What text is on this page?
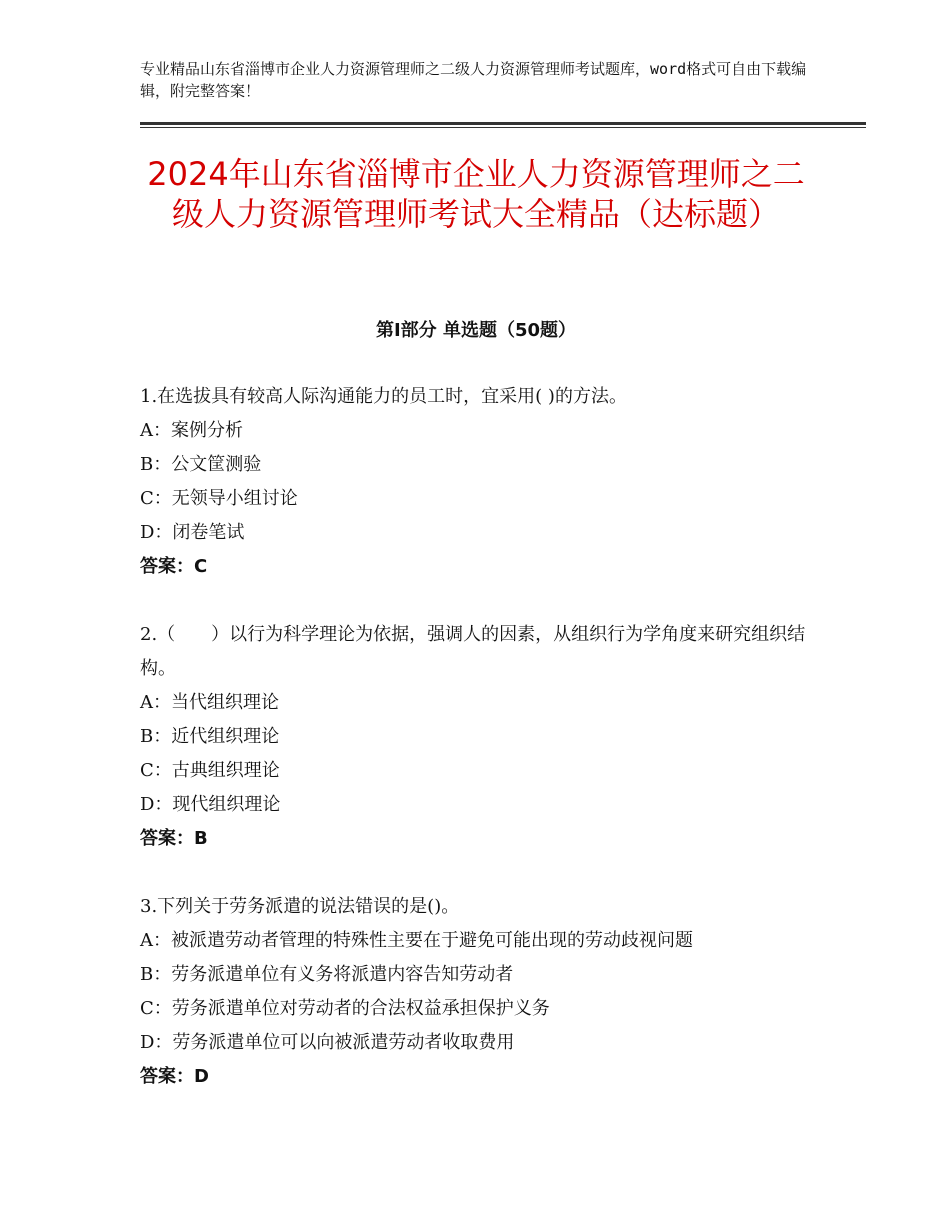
专业精品山东省淄博市企业人力资源管理师之二级人力资源管理师考试题库，word格式可自由下载编辑，附完整答案！
2024年山东省淄博市企业人力资源管理师之二级人力资源管理师考试大全精品（达标题）
第Ⅰ部分 单选题（50题）
1.在选拔具有较高人际沟通能力的员工时，宜采用( )的方法。
A：案例分析
B：公文筐测验
C：无领导小组讨论
D：闭卷笔试
答案：C
2.（　　）以行为科学理论为依据，强调人的因素，从组织行为学角度来研究组织结构。
A：当代组织理论
B：近代组织理论
C：古典组织理论
D：现代组织理论
答案：B
3.下列关于劳务派遣的说法错误的是()。
A：被派遣劳动者管理的特殊性主要在于避免可能出现的劳动歧视问题
B：劳务派遣单位有义务将派遣内容告知劳动者
C：劳务派遣单位对劳动者的合法权益承担保护义务
D：劳务派遣单位可以向被派遣劳动者收取费用
答案：D
